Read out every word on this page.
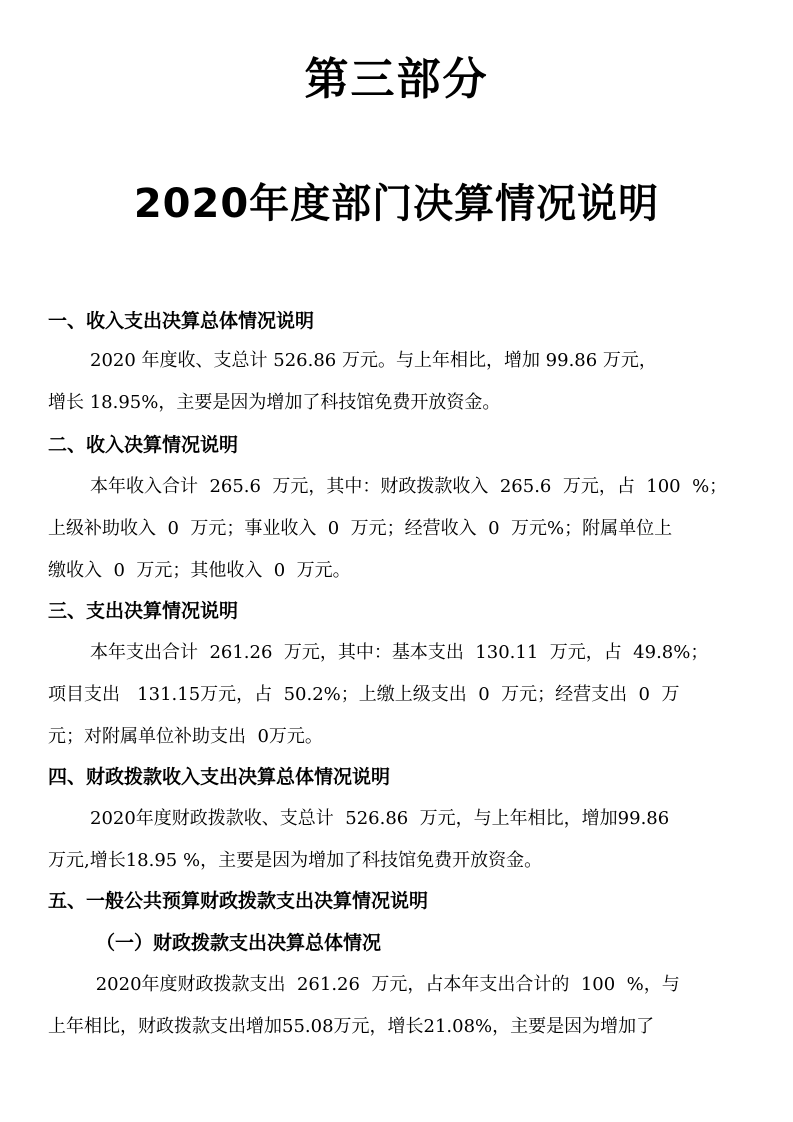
第三部分
2020年度部门决算情况说明
一、收入支出决算总体情况说明
2020 年度收、支总计 526.86 万元。与上年相比，增加 99.86 万元，
增长 18.95%，主要是因为增加了科技馆免费开放资金。
二、收入决算情况说明
本年收入合计  265.6  万元，其中：财政拨款收入  265.6  万元，占  100  %；
上级补助收入  0  万元；事业收入  0  万元；经营收入  0  万元%；附属单位上
缴收入  0  万元；其他收入  0  万元。
三、支出决算情况说明
本年支出合计  261.26  万元，其中：基本支出  130.11  万元，占  49.8%；
项目支出   131.15万元，占  50.2%；上缴上级支出  0  万元；经营支出  0  万
元；对附属单位补助支出  0万元。
四、财政拨款收入支出决算总体情况说明
2020年度财政拨款收、支总计  526.86  万元，与上年相比，增加99.86
万元,增长18.95 %，主要是因为增加了科技馆免费开放资金。
五、一般公共预算财政拨款支出决算情况说明
（一）财政拨款支出决算总体情况
2020年度财政拨款支出  261.26  万元，占本年支出合计的  100  %，与
上年相比，财政拨款支出增加55.08万元，增长21.08%，主要是因为增加了
